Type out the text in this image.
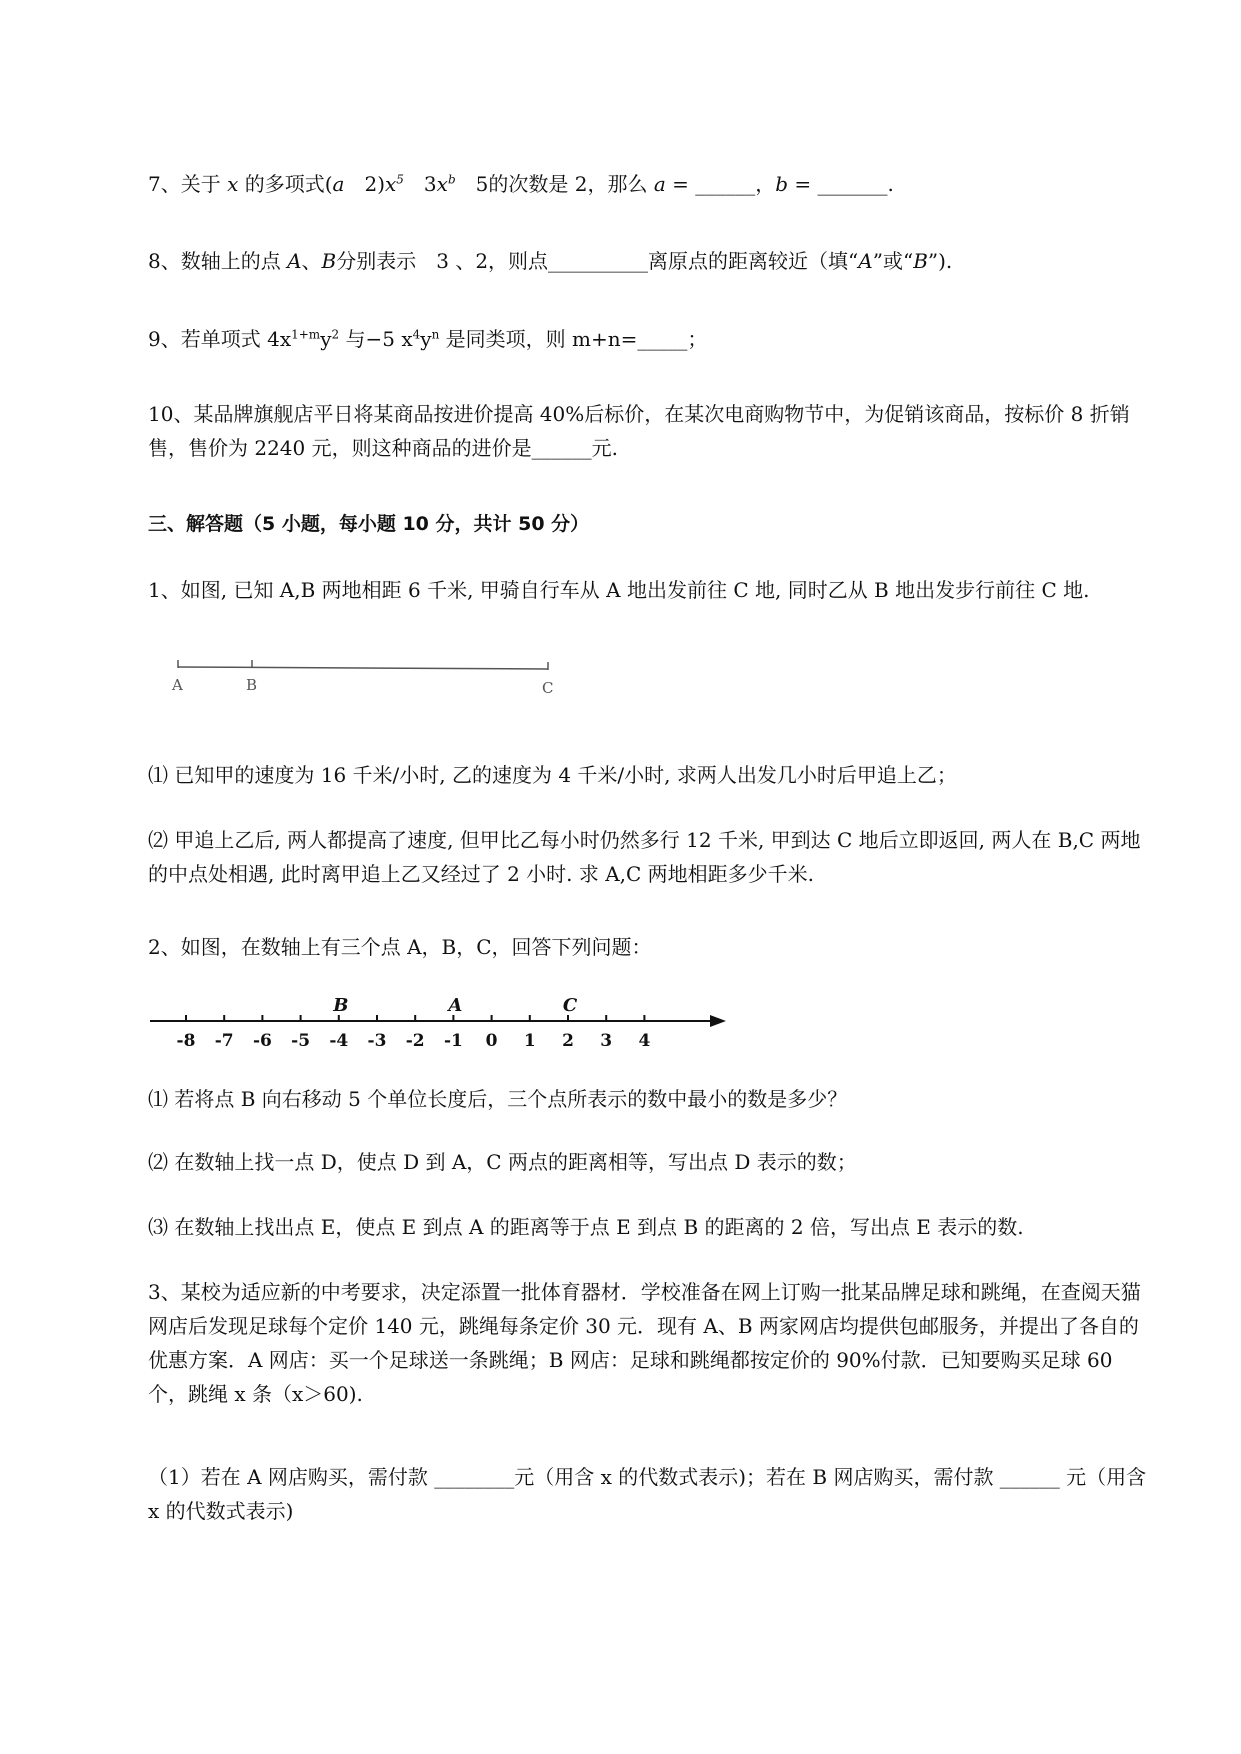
7、关于 x 的多项式(a　$2)x^5$　$3x^b$　5的次数是 2，那么 a = ______，b = _______.
8、数轴上的点 A、B分别表示　3 、2，则点__________离原点的距离较近（填“A”或“B”).
9、若单项式 $4x^{1+m}y^2$ 与−5 $x^4y^n$ 是同类项，则 m+n=_____；
10、某品牌旗舰店平日将某商品按进价提高 40%后标价，在某次电商购物节中，为促销该商品，按标价 8 折销售，售价为 2240 元，则这种商品的进价是______元.
三、解答题（5 小题，每小题 10 分，共计 50 分）
1、如图, 已知 A,B 两地相距 6 千米, 甲骑自行车从 A 地出发前往 C 地, 同时乙从 B 地出发步行前往 C 地.
A	B	C
⑴ 已知甲的速度为 16 千米/小时, 乙的速度为 4 千米/小时, 求两人出发几小时后甲追上乙；
⑵ 甲追上乙后, 两人都提高了速度, 但甲比乙每小时仍然多行 12 千米, 甲到达 C 地后立即返回, 两人在 B,C 两地的中点处相遇, 此时离甲追上乙又经过了 2 小时. 求 A,C 两地相距多少千米.
2、如图，在数轴上有三个点 A，B，C，回答下列问题：
-8 -7 -6 -5 -4 -3 -2 -1 0 1 2 3 4
B	A	C
⑴ 若将点 B 向右移动 5 个单位长度后，三个点所表示的数中最小的数是多少？
⑵ 在数轴上找一点 D，使点 D 到 A，C 两点的距离相等，写出点 D 表示的数；
⑶ 在数轴上找出点 E，使点 E 到点 A 的距离等于点 E 到点 B 的距离的 2 倍，写出点 E 表示的数.
3、某校为适应新的中考要求，决定添置一批体育器材．学校准备在网上订购一批某品牌足球和跳绳，在查阅天猫网店后发现足球每个定价 140 元，跳绳每条定价 30 元．现有 A、B 两家网店均提供包邮服务，并提出了各自的优惠方案．A 网店：买一个足球送一条跳绳；B 网店：足球和跳绳都按定价的 90%付款．已知要购买足球 60 个，跳绳 x 条（x＞60).
（1）若在 A 网店购买，需付款 ________元（用含 x 的代数式表示)；若在 B 网店购买，需付款 ______ 元（用含 x 的代数式表示)
